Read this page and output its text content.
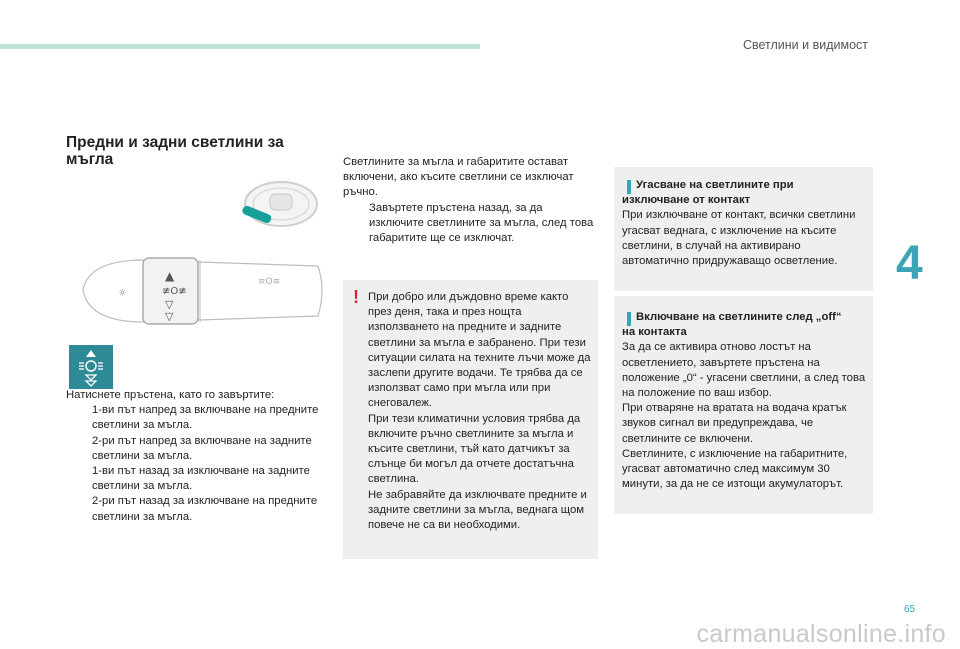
Светлини и видимост
4
65
carmanualsonline.info
Предни и задни светлини за мъгла
▲
≢O≢
▽
▽
☼
≡O≡

Натиснете пръстена, като го завъртите:

1-ви път напред за включване на предните светлини за мъгла.
2-ри път напред за включване на задните светлини за мъгла.
1-ви път назад за изключване на задните светлини за мъгла.
2-ри път назад за изключване на предните светлини за мъгла.

Светлините за мъгла и габаритите остават включени, ако късите светлини се изключат ръчно.

Завъртете пръстена назад, за да изключите светлините за мъгла, след това габаритите ще се изключат.
! При добро или дъждовно време както през деня, така и през нощта използването на предните и задните светлини за мъгла е забранено. При тези ситуации силата на техните лъчи може да заслепи другите водачи. Те трябва да се използват само при мъгла или при снеговалеж.

При тези климатични условия трябва да включите ръчно светлините за мъгла и късите светлини, тъй като датчикът за слънце би могъл да отчете достатъчна светлина.

Не забравяйте да изключвате предните и задните светлини за мъгла, веднага щом повече не са ви необходими.

Угасване на светлините при

изключване от контакт

При изключване от контакт, всички светлини угасват веднага, с изключение на късите светлини, в случай на активирано автоматично придружаващо осветление.

Включване на светлините след „off“

на контакта

За да се активира отново лостът на осветлението, завъртете пръстена на положение „0“ - угасени светлини, а след това на положение по ваш избор.

При отваряне на вратата на водача кратък звуков сигнал ви предупреждава, че светлините се включени.

Светлините, с изключение на габаритните, угасват автоматично след максимум 30 минути, за да не се изтощи акумулаторът.
